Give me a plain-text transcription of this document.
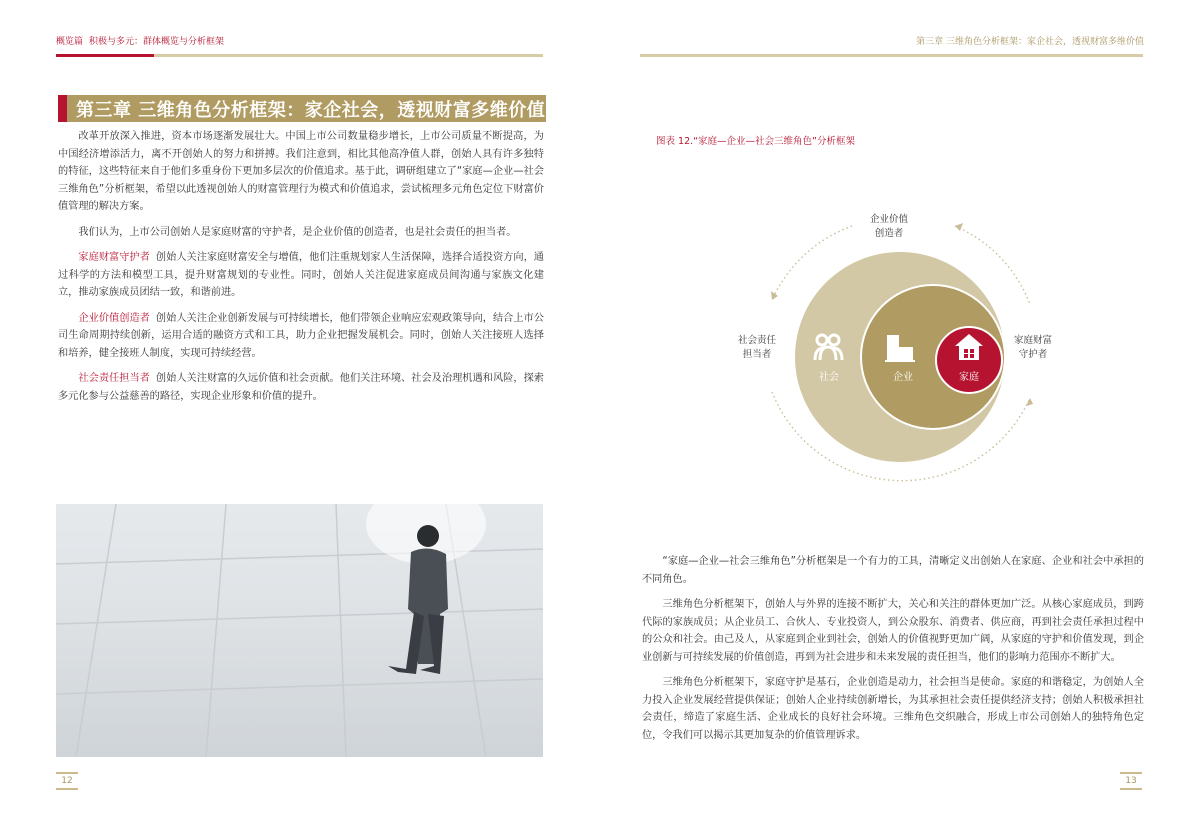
概览篇 积极与多元：群体概览与分析框架	第三章 三维角色分析框架：家企社会，透视财富多维价值
第三章 三维角色分析框架：家企社会，透视财富多维价值

改革开放深入推进，资本市场逐渐发展壮大。中国上市公司数量稳步增长，上市公司质量不断提高，为中国经济增添活力，离不开创始人的努力和拼搏。我们注意到，相比其他高净值人群，创始人具有许多独特的特征，这些特征来自于他们多重身份下更加多层次的价值追求。基于此，调研组建立了“家庭—企业—社会三维角色”分析框架，希望以此透视创始人的财富管理行为模式和价值追求，尝试梳理多元角色定位下财富价值管理的解决方案。

我们认为，上市公司创始人是家庭财富的守护者，是企业价值的创造者，也是社会责任的担当者。

家庭财富守护者 创始人关注家庭财富安全与增值，他们注重规划家人生活保障，选择合适投资方向，通过科学的方法和模型工具，提升财富规划的专业性。同时，创始人关注促进家庭成员间沟通与家族文化建立，推动家族成员团结一致，和谐前进。

企业价值创造者 创始人关注企业创新发展与可持续增长，他们带领企业响应宏观政策导向，结合上市公司生命周期持续创新，运用合适的融资方式和工具，助力企业把握发展机会。同时，创始人关注接班人选择和培养，健全接班人制度，实现可持续经营。

社会责任担当者 创始人关注财富的久远价值和社会贡献。他们关注环境、社会及治理机遇和风险，探索多元化参与公益慈善的路径，实现企业形象和价值的提升。

12
图表 12.“家庭—企业—社会三维角色”分析框架
社会	企业	家庭
企业价值
创造者
社会责任
担当者
家庭财富
守护者

“家庭—企业—社会三维角色”分析框架是一个有力的工具，清晰定义出创始人在家庭、企业和社会中承担的不同角色。

三维角色分析框架下，创始人与外界的连接不断扩大，关心和关注的群体更加广泛。从核心家庭成员，到跨代际的家族成员；从企业员工、合伙人、专业投资人，到公众股东、消费者、供应商，再到社会责任承担过程中的公众和社会。由己及人，从家庭到企业到社会，创始人的价值视野更加广阔，从家庭的守护和价值发现，到企业创新与可持续发展的价值创造，再到为社会进步和未来发展的责任担当，他们的影响力范围亦不断扩大。

三维角色分析框架下，家庭守护是基石，企业创造是动力，社会担当是使命。家庭的和谐稳定，为创始人全力投入企业发展经营提供保证；创始人企业持续创新增长，为其承担社会责任提供经济支持；创始人积极承担社会责任，缔造了家庭生活、企业成长的良好社会环境。三维角色交织融合，形成上市公司创始人的独特角色定位，令我们可以揭示其更加复杂的价值管理诉求。

13
